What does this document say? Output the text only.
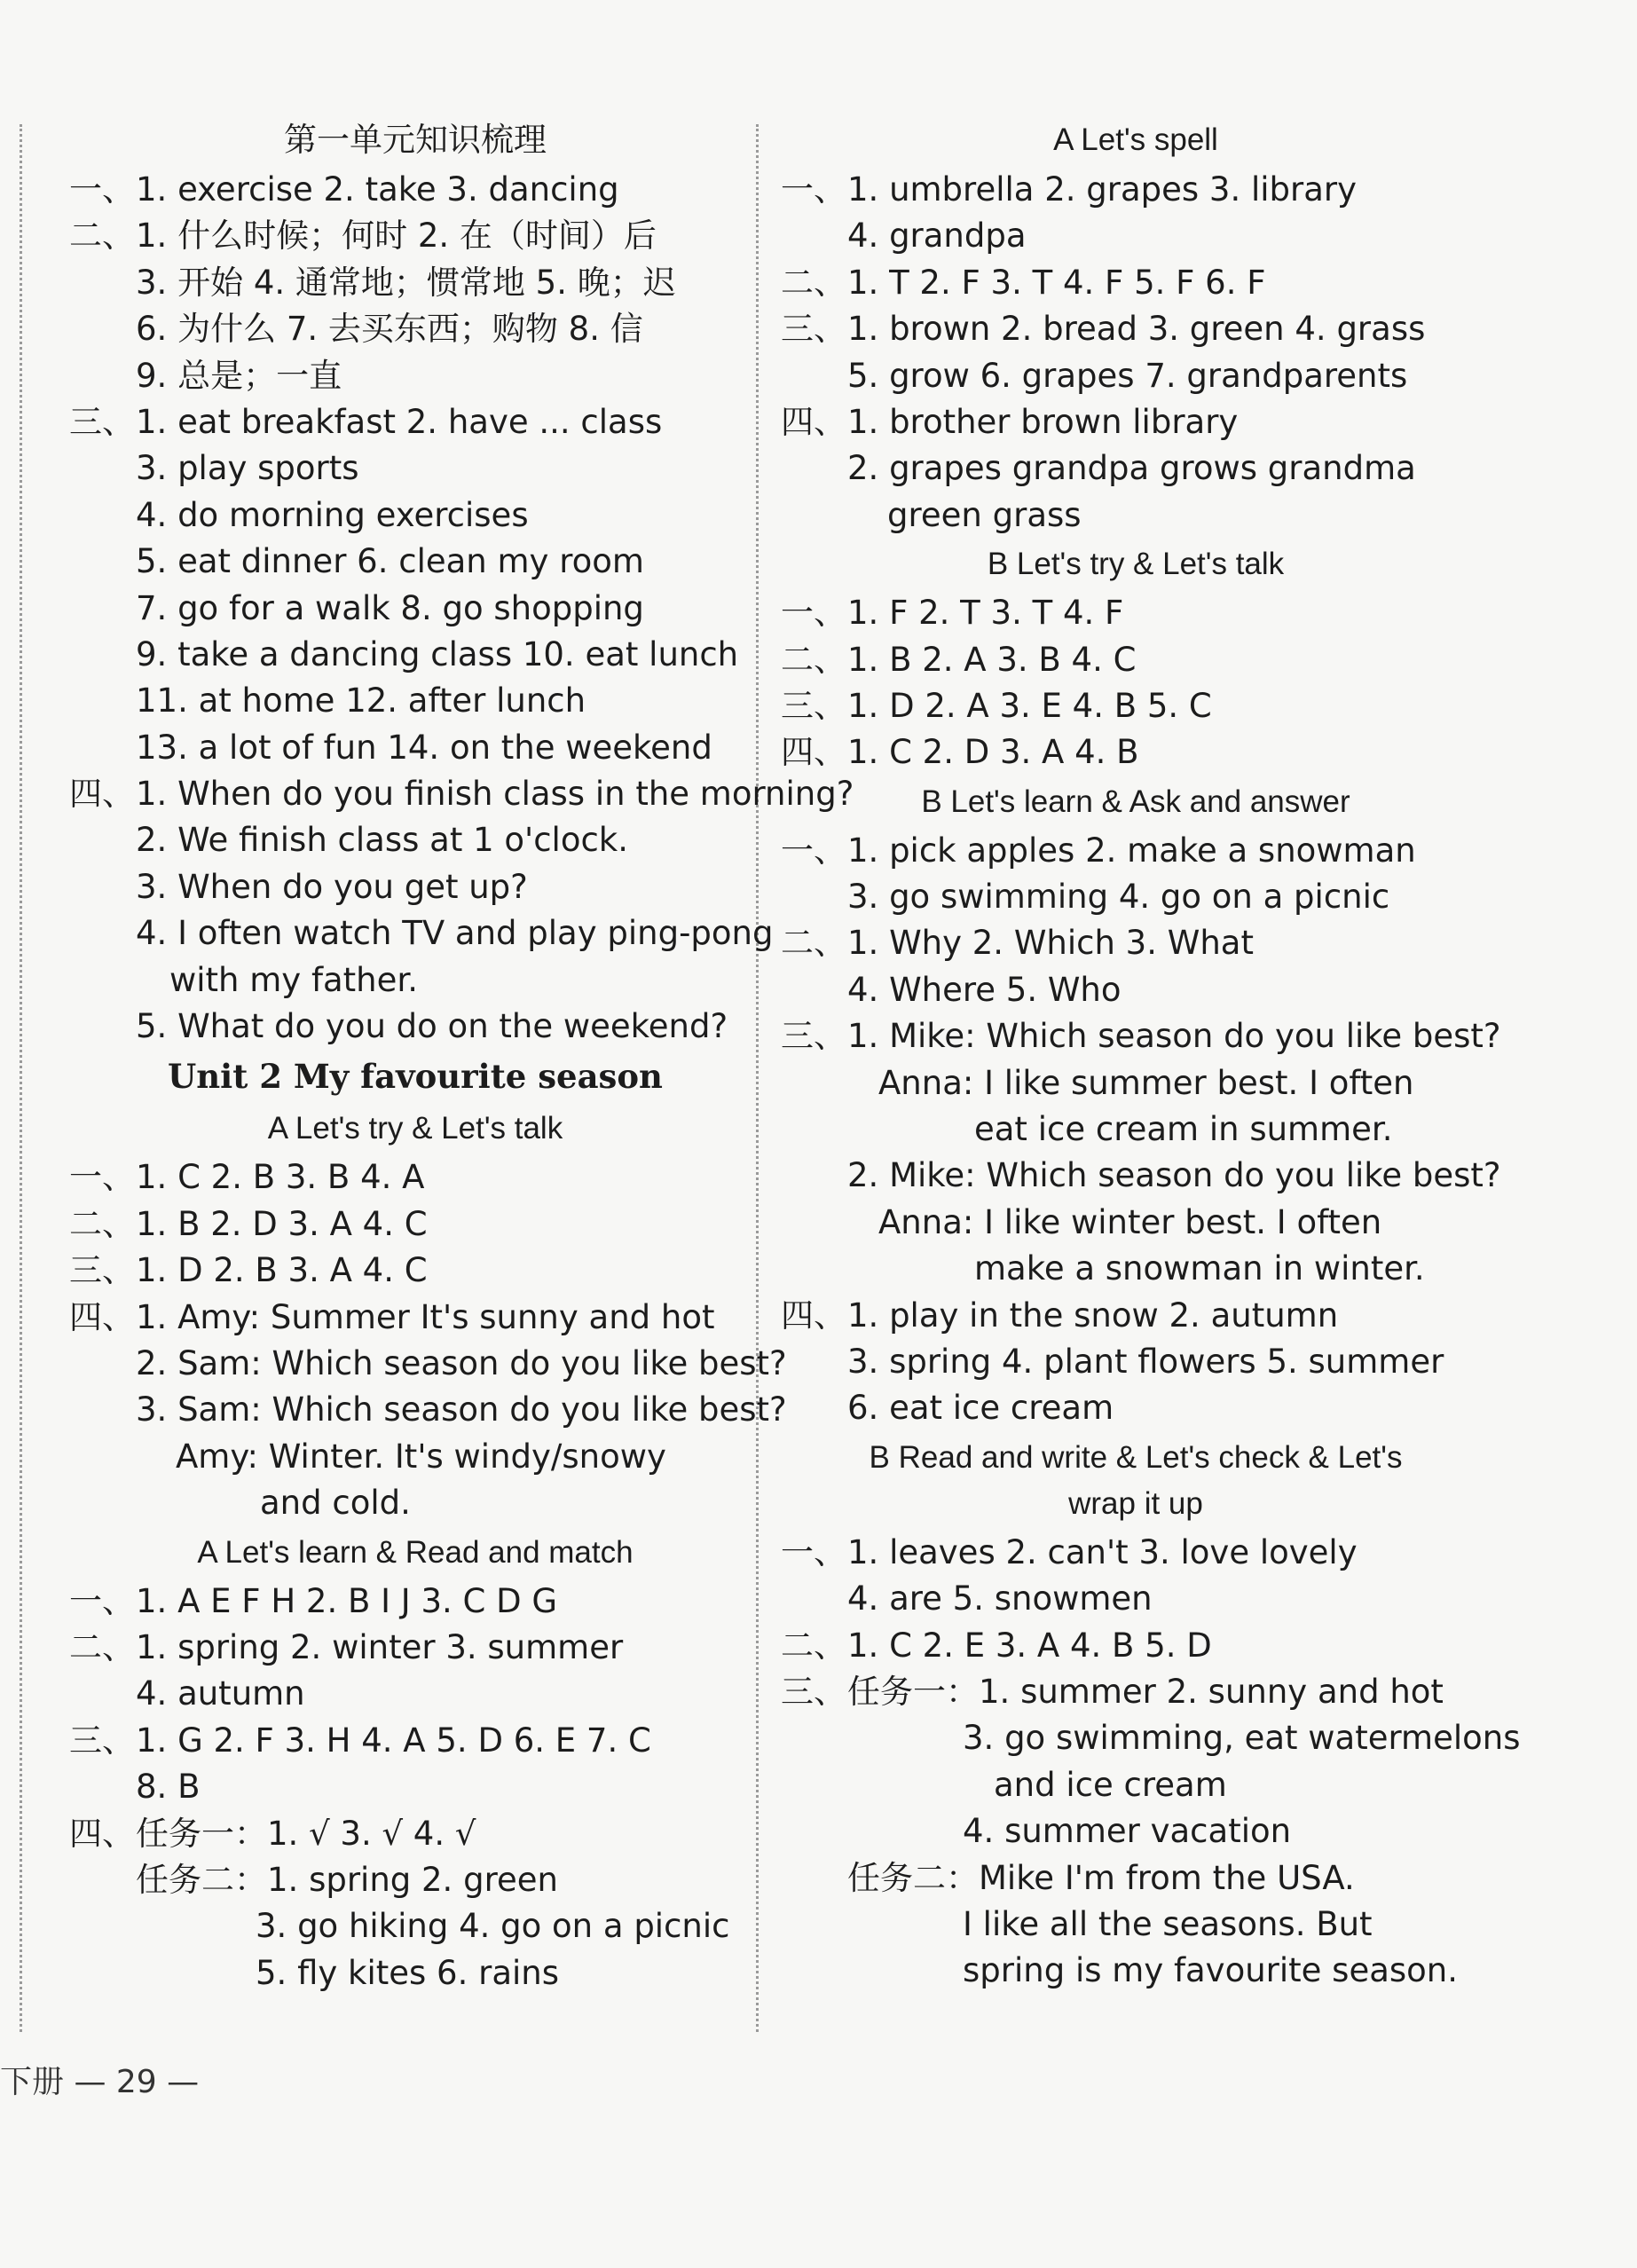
第一单元知识梳理
一、 1. exercise 2. take 3. dancing
二、 1. 什么时候；何时 2. 在（时间）后
3. 开始 4. 通常地；惯常地 5. 晚；迟
6. 为什么 7. 去买东西；购物 8. 信
9. 总是；一直
三、 1. eat breakfast 2. have ... class
3. play sports
4. do morning exercises
5. eat dinner 6. clean my room
7. go for a walk 8. go shopping
9. take a dancing class 10. eat lunch
11. at home 12. after lunch
13. a lot of fun 14. on the weekend
四、 1. When do you finish class in the morning?
2. We finish class at 1 o'clock.
3. When do you get up?
4. I often watch TV and play ping-pong
with my father.
5. What do you do on the weekend?
Unit 2 My favourite season
A Let's try & Let's talk
一、 1. C 2. B 3. B 4. A
二、 1. B 2. D 3. A 4. C
三、 1. D 2. B 3. A 4. C
四、 1. Amy: Summer It's sunny and hot
2. Sam: Which season do you like best?
3. Sam: Which season do you like best?
Amy: Winter. It's windy/snowy
and cold.
A Let's learn & Read and match
一、 1. A E F H 2. B I J 3. C D G
二、 1. spring 2. winter 3. summer
4. autumn
三、 1. G 2. F 3. H 4. A 5. D 6. E 7. C
8. B
四、 任务一：1. √ 3. √ 4. √
任务二：1. spring 2. green
3. go hiking 4. go on a picnic
5. fly kites 6. rains
A Let's spell
一、 1. umbrella 2. grapes 3. library
4. grandpa
二、 1. T 2. F 3. T 4. F 5. F 6. F
三、 1. brown 2. bread 3. green 4. grass
5. grow 6. grapes 7. grandparents
四、 1. brother brown library
2. grapes grandpa grows grandma
green grass
B Let's try & Let's talk
一、 1. F 2. T 3. T 4. F
二、 1. B 2. A 3. B 4. C
三、 1. D 2. A 3. E 4. B 5. C
四、 1. C 2. D 3. A 4. B
B Let's learn & Ask and answer
一、 1. pick apples 2. make a snowman
3. go swimming 4. go on a picnic
二、 1. Why 2. Which 3. What
4. Where 5. Who
三、 1. Mike: Which season do you like best?
Anna: I like summer best. I often
eat ice cream in summer.
2. Mike: Which season do you like best?
Anna: I like winter best. I often
make a snowman in winter.
四、 1. play in the snow 2. autumn
3. spring 4. plant flowers 5. summer
6. eat ice cream
B Read and write & Let's check & Let's
wrap it up
一、 1. leaves 2. can't 3. love lovely
4. are 5. snowmen
二、 1. C 2. E 3. A 4. B 5. D
三、 任务一：1. summer 2. sunny and hot
3. go swimming, eat watermelons
and ice cream
4. summer vacation
任务二：Mike I'm from the USA.
I like all the seasons. But
spring is my favourite season.
下册 — 29 —
